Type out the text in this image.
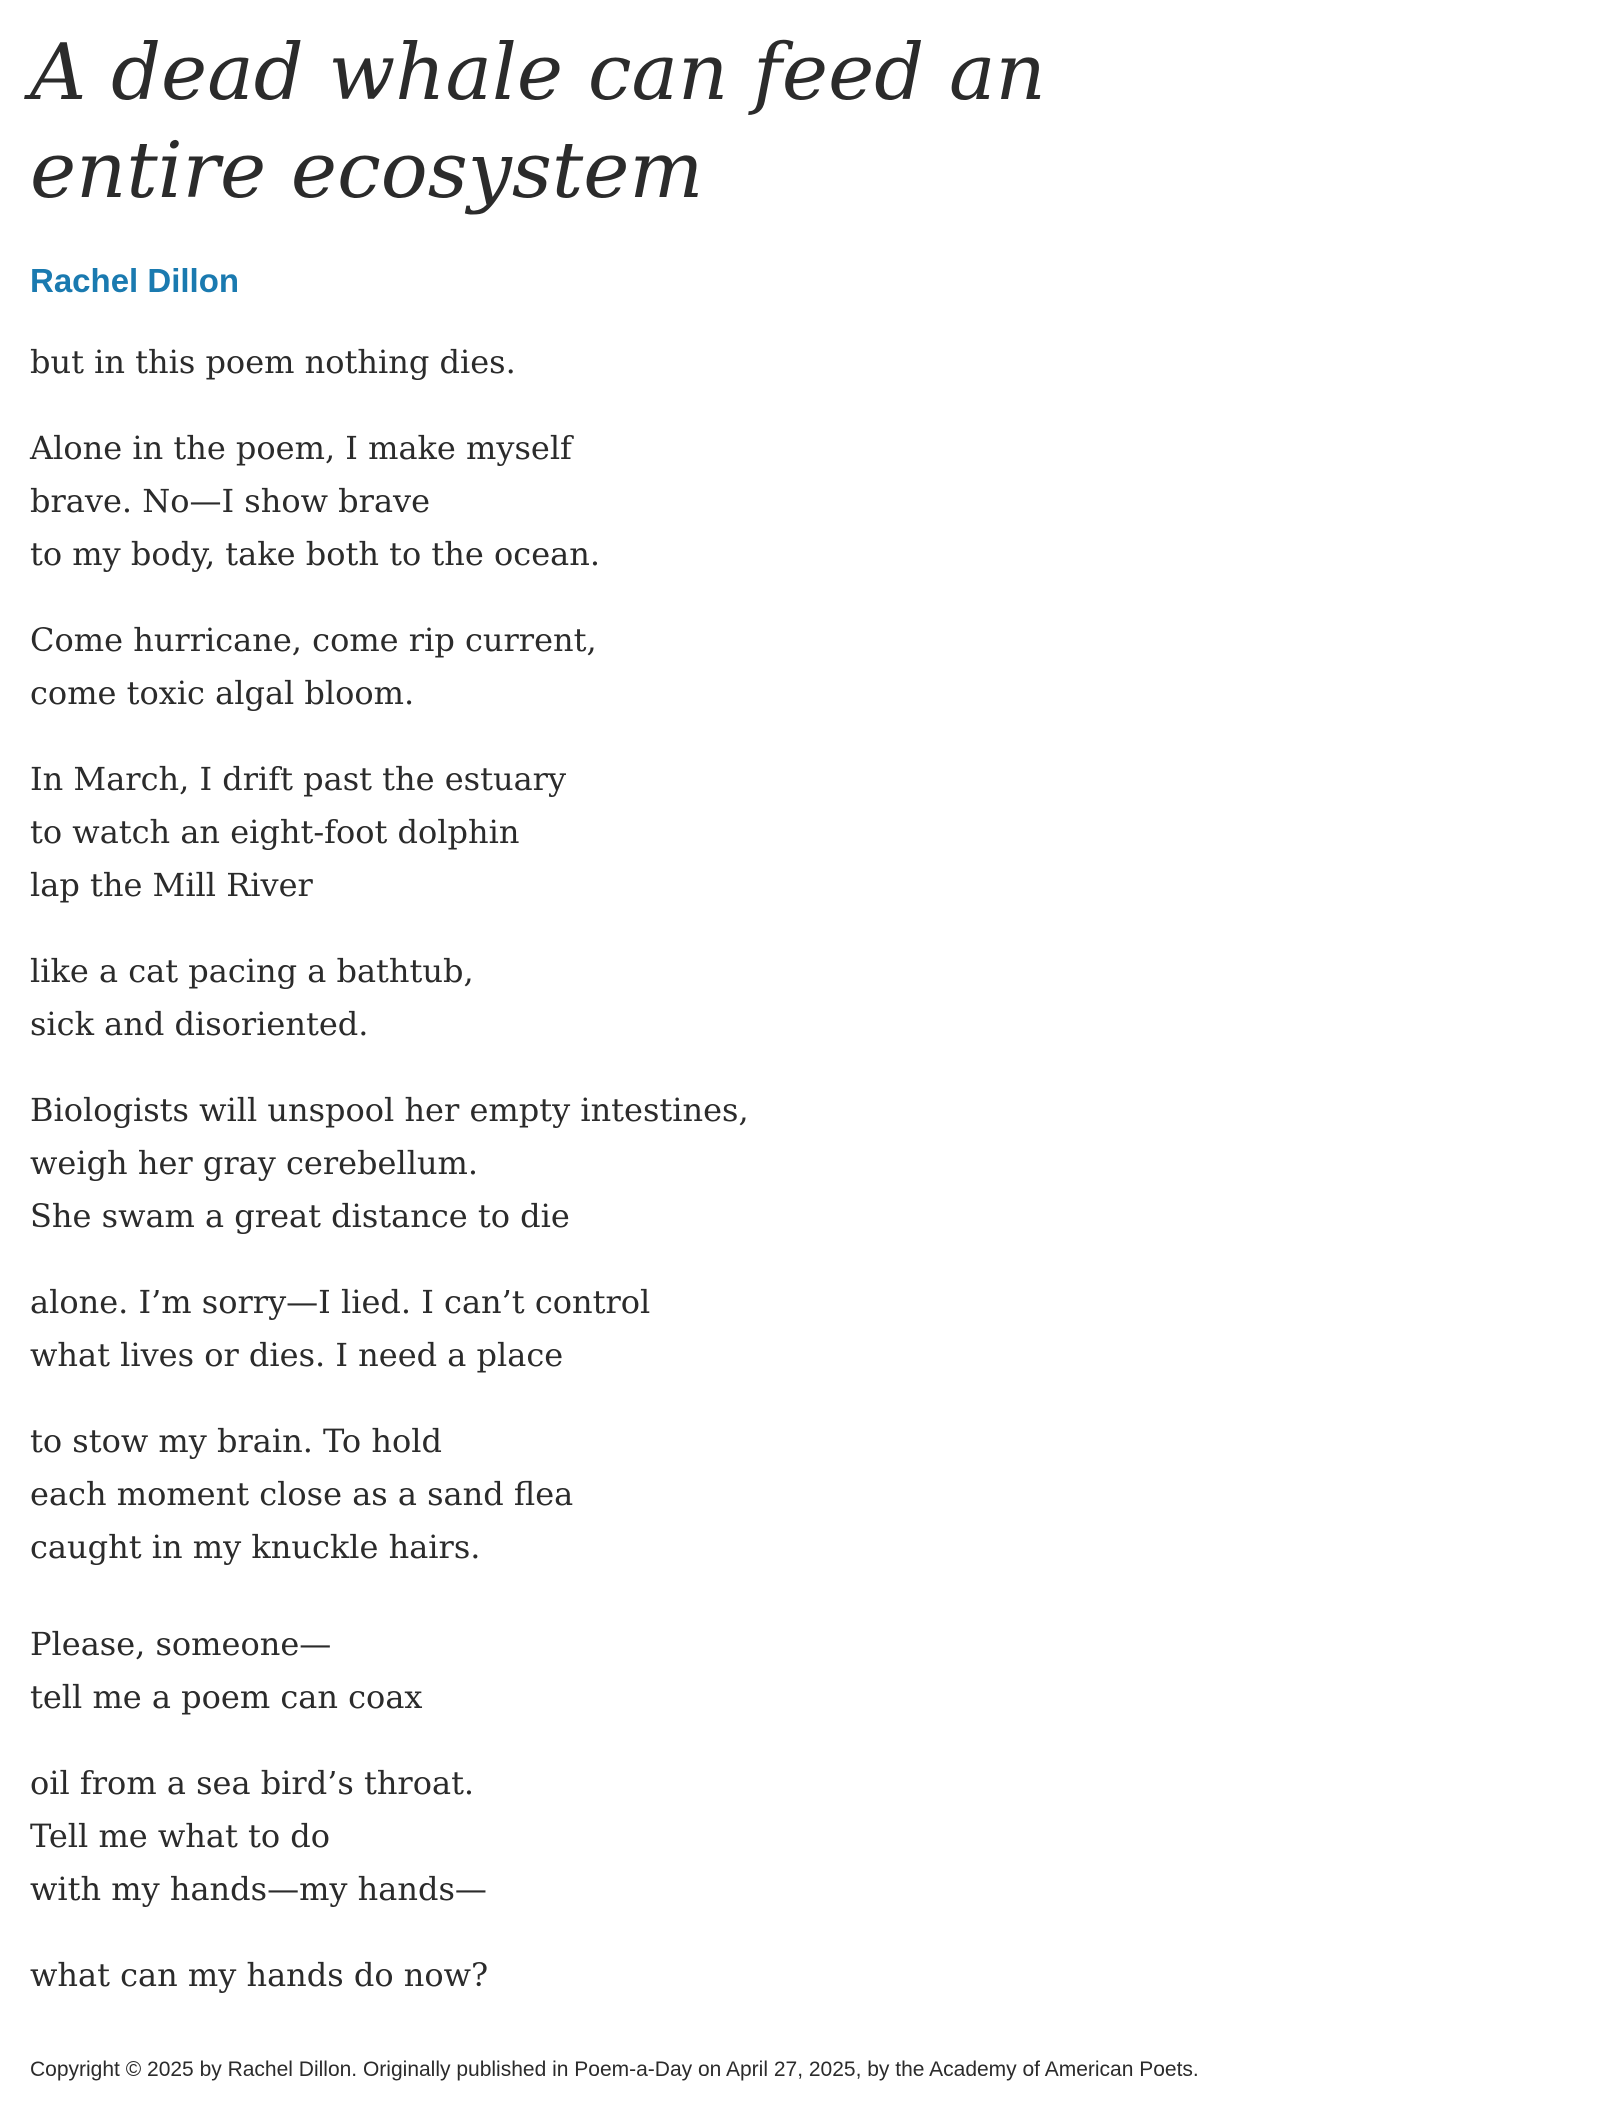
A dead whale can feed an entire ecosystem
Rachel Dillon
but in this poem nothing dies.
Alone in the poem, I make myself
brave. No—I show brave
to my body, take both to the ocean.
Come hurricane, come rip current,
come toxic algal bloom.
In March, I drift past the estuary
to watch an eight-foot dolphin
lap the Mill River
like a cat pacing a bathtub,
sick and disoriented.
Biologists will unspool her empty intestines,
weigh her gray cerebellum.
She swam a great distance to die
alone. I’m sorry—I lied. I can’t control
what lives or dies. I need a place
to stow my brain. To hold
each moment close as a sand flea
caught in my knuckle hairs.
Please, someone—
tell me a poem can coax
oil from a sea bird’s throat.
Tell me what to do
with my hands—my hands—
what can my hands do now?
Copyright © 2025 by Rachel Dillon. Originally published in Poem-a-Day on April 27, 2025, by the Academy of American Poets.
